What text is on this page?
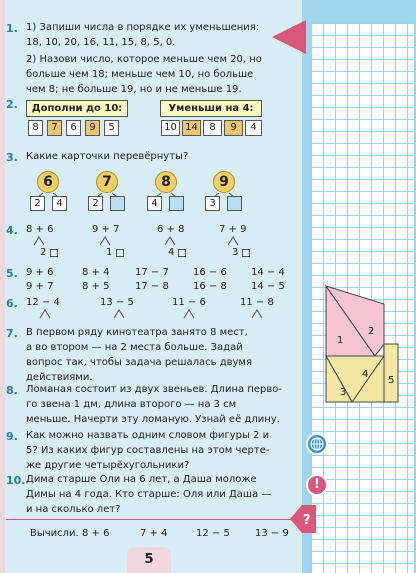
1. 1) Запиши числа в порядке их уменьшения:
18, 10, 20, 16, 11, 15, 8, 5, 0.
2) Назови число, которое меньше чем 20, но
больше чем 18; меньше чем 10, но больше
чем 8; не больше 19, но и не меньше 19.
2.	Дополни до 10:
8	7	6	9	5
Уменьши на 4:
10 14	8	9	4
3. Какие карточки перевёрнуты?
6
2	4
7
2
8
4
9
3
4. 8 + 6	9 + 7	6 + 8	7 + 9
2	1	4	3
5. 9 + 6	8 + 4	17 − 7 16 − 6 14 − 4
9 + 7	8 + 5	17 − 8 16 − 8 14 − 5
6. 12 − 4	13 − 5	11 − 6	11 − 8
7. В первом ряду кинотеатра занято 8 мест,
а во втором — на 2 места больше. Задай
вопрос так, чтобы задача решалась двумя
действиями.
8. Ломаная состоит из двух звеньев. Длина перво-
го звена 1 дм, длина второго — на 3 см
меньше. Начерти эту ломаную. Узнай её длину.
9. Как можно назвать одним словом фигуры 2 и
5? Из каких фигур составлены на этом черте-
же другие четырёхугольники?
10. Дима старше Оли на 6 лет, а Даша моложе
Димы на 4 года. Кто старше: Оля или Даша —
и на сколько лет?
Вычисли. 8 + 6	7 + 4	12 − 5	13 − 9
!
?
1
2
3
4
5
5
